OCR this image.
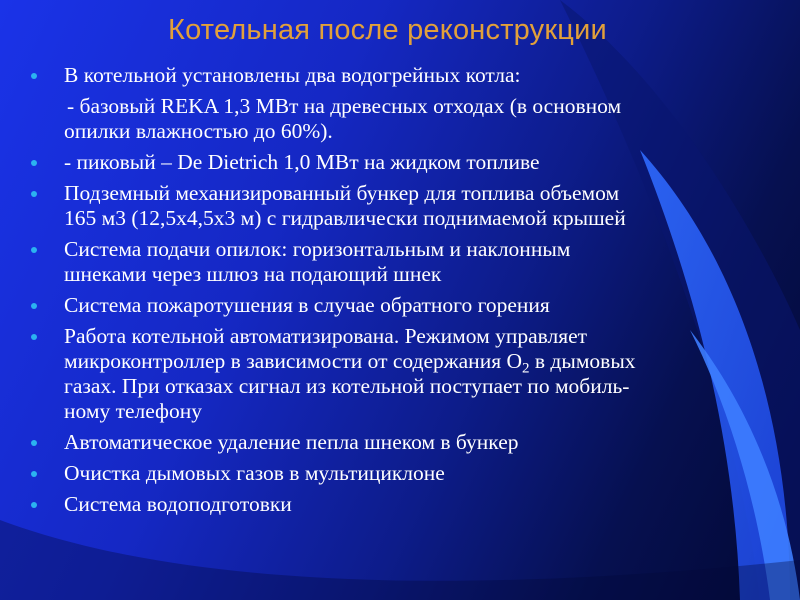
Котельная после реконструкции
В котельной установлены два водогрейных котла:
- базовый REKA 1,3 МВт на древесных отходах (в основном
опилки влажностью до 60%).
- пиковый – De Dietrich 1,0 МВт на жидком топливе
Подземный механизированный бункер для топлива объемом
165 м3 (12,5х4,5х3 м) с гидравлически поднимаемой крышей
Система подачи опилок: горизонтальным и наклонным
шнеками через шлюз на подающий шнек
Система пожаротушения в случае обратного горения
Работа котельной автоматизирована. Режимом управляет
микроконтроллер в зависимости от содержания $О_2$ в дымовых
газах. При отказах сигнал из котельной поступает по мобиль-
ному телефону
Автоматическое удаление пепла шнеком в бункер
Очистка дымовых газов в мультициклоне
Система водоподготовки
